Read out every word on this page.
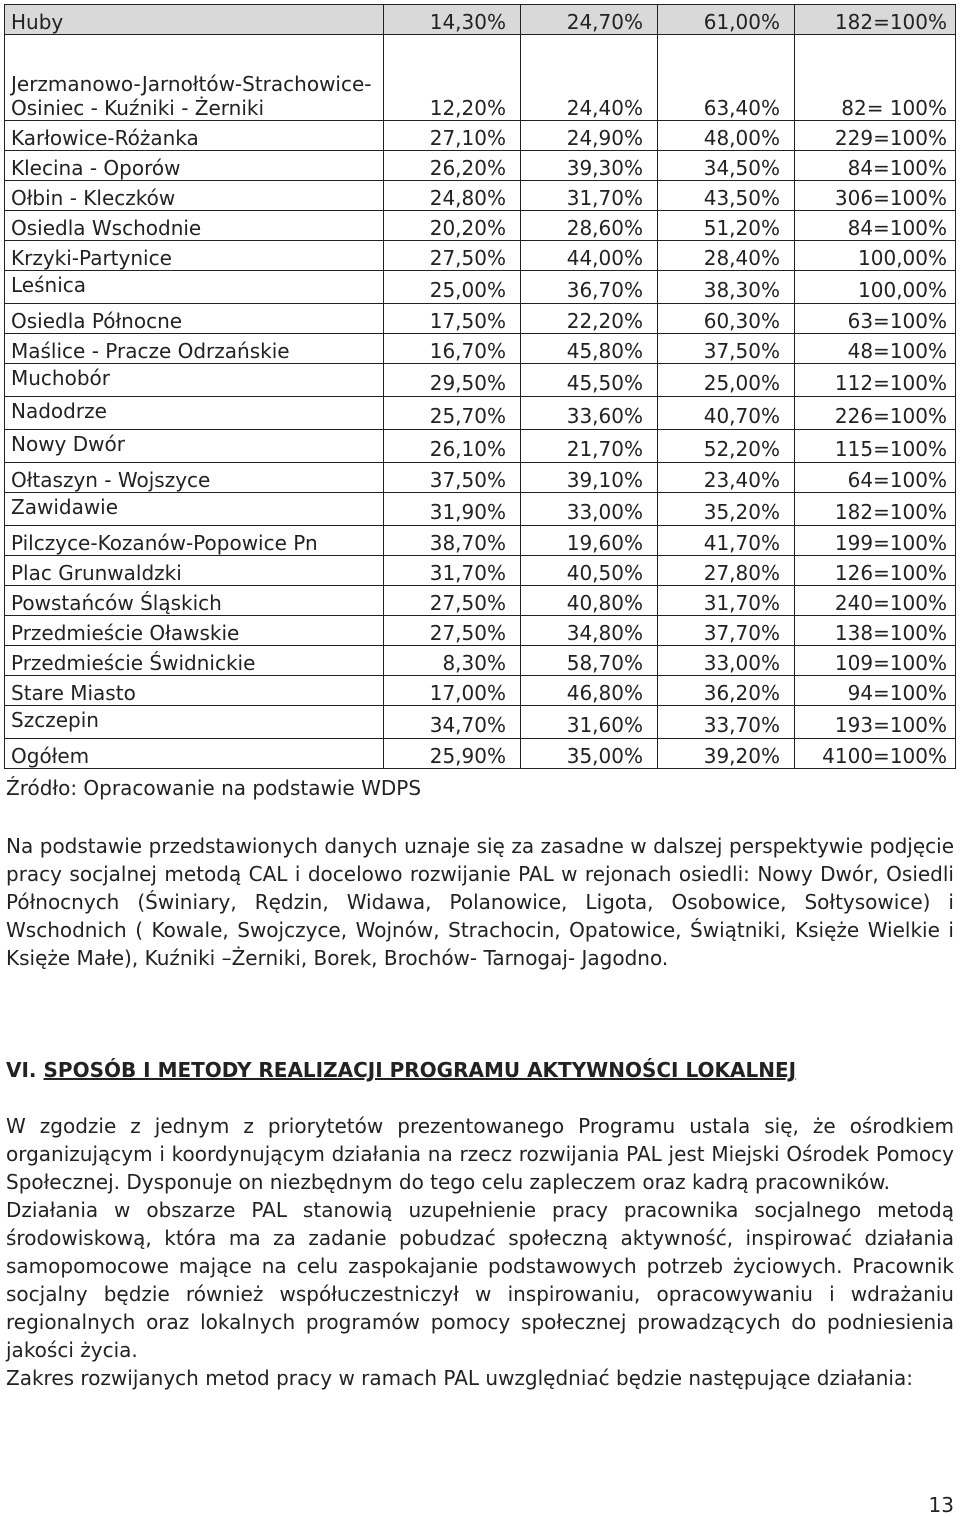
Huby	14,30%	24,70%	61,00%	182=100%
Jerzmanowo-Jarnołtów-Strachowice-Osiniec - Kuźniki - Żerniki	12,20%	24,40%	63,40%	82= 100%
Karłowice-Różanka	27,10%	24,90%	48,00%	229=100%
Klecina - Oporów	26,20%	39,30%	34,50%	84=100%
Ołbin - Kleczków	24,80%	31,70%	43,50%	306=100%
Osiedla Wschodnie	20,20%	28,60%	51,20%	84=100%
Krzyki-Partynice	27,50%	44,00%	28,40%	100,00%
Leśnica	25,00%	36,70%	38,30%	100,00%
Osiedla Północne	17,50%	22,20%	60,30%	63=100%
Maślice - Pracze Odrzańskie	16,70%	45,80%	37,50%	48=100%
Muchobór	29,50%	45,50%	25,00%	112=100%
Nadodrze	25,70%	33,60%	40,70%	226=100%
Nowy Dwór	26,10%	21,70%	52,20%	115=100%
Ołtaszyn - Wojszyce	37,50%	39,10%	23,40%	64=100%
Zawidawie	31,90%	33,00%	35,20%	182=100%
Pilczyce-Kozanów-Popowice Pn	38,70%	19,60%	41,70%	199=100%
Plac Grunwaldzki	31,70%	40,50%	27,80%	126=100%
Powstańców Śląskich	27,50%	40,80%	31,70%	240=100%
Przedmieście Oławskie	27,50%	34,80%	37,70%	138=100%
Przedmieście Świdnickie	8,30%	58,70%	33,00%	109=100%
Stare Miasto	17,00%	46,80%	36,20%	94=100%
Szczepin	34,70%	31,60%	33,70%	193=100%
Ogółem	25,90%	35,00%	39,20%	4100=100%
Źródło: Opracowanie na podstawie WDPS

Na podstawie przedstawionych danych uznaje się za zasadne w dalszej perspektywie podjęcie pracy socjalnej metodą CAL i docelowo rozwijanie PAL w rejonach osiedli: Nowy Dwór, Osiedli Północnych (Świniary, Rędzin, Widawa, Polanowice, Ligota, Osobowice, Sołtysowice) i Wschodnich ( Kowale, Swojczyce, Wojnów, Strachocin, Opatowice, Świątniki, Księże Wielkie i Księże Małe), Kuźniki –Żerniki, Borek, Brochów- Tarnogaj- Jagodno.

VI. SPOSÓB I METODY REALIZACJI PROGRAMU AKTYWNOŚCI LOKALNEJ
W zgodzie z jednym z priorytetów prezentowanego Programu ustala się, że ośrodkiem organizującym i koordynującym działania na rzecz rozwijania PAL jest Miejski Ośrodek Pomocy Społecznej. Dysponuje on niezbędnym do tego celu zapleczem oraz kadrą pracowników.
Działania w obszarze PAL stanowią uzupełnienie pracy pracownika socjalnego metodą środowiskową, która ma za zadanie pobudzać społeczną aktywność, inspirować działania samopomocowe mające na celu zaspokajanie podstawowych potrzeb życiowych. Pracownik socjalny będzie również współuczestniczył w inspirowaniu, opracowywaniu i wdrażaniu regionalnych oraz lokalnych programów pomocy społecznej prowadzących do podniesienia jakości życia.
Zakres rozwijanych metod pracy w ramach PAL uwzględniać będzie następujące działania:
13
